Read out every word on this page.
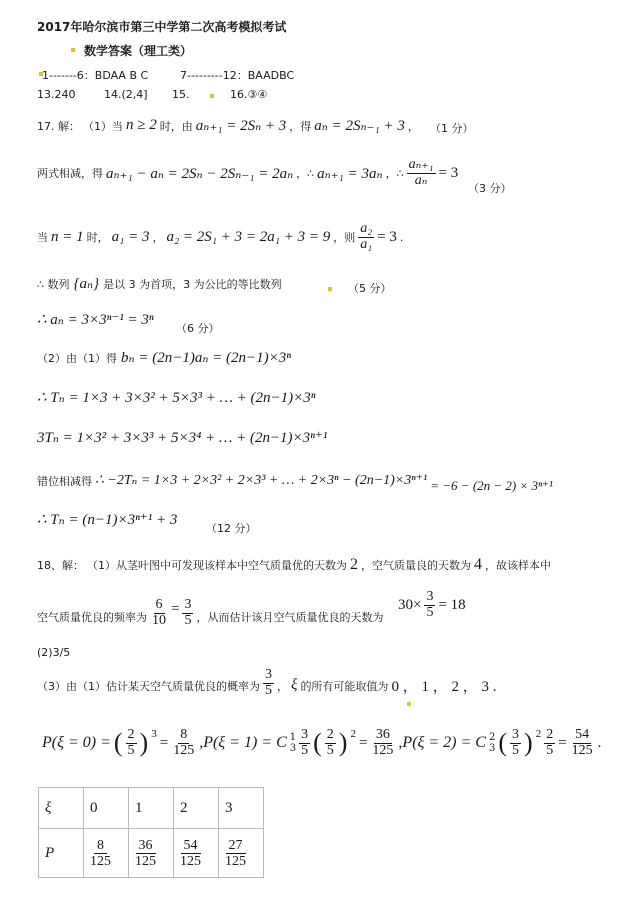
2017年哈尔滨市第三中学第二次高考模拟考试
数学答案（理工类）
1-------6：BDAA B C	7---------12：BAADBC
13.240	14.(2,4] 15.	16.③④
17. 解： （1）当 n ≥ 2 时，由 aₙ₊₁ = 2Sₙ + 3 ，得 aₙ = 2Sₙ₋₁ + 3 ， （1 分）
两式相减，得 aₙ₊₁ − aₙ = 2Sₙ − 2Sₙ₋₁ = 2aₙ ，∴ aₙ₊₁ = 3aₙ ，∴ $\frac{\text{aₙ₊₁}}{\text{aₙ}} = 3$
（3 分）
当 n = 1 时， a₁ = 3 ， a₂ = 2S₁ + 3 = 2a₁ + 3 = 9 ，则 $\frac{\text{a₂}}{\text{a₁}} = 3$ .
∴ 数列 {aₙ} 是以 3 为首项，3 为公比的等比数列	（5 分）
∴ aₙ = 3×3ⁿ⁻¹ = 3ⁿ
（6 分）
（2）由（1）得 bₙ = (2n−1)aₙ = (2n−1)×3ⁿ
∴ Tₙ = 1×3 + 3×3² + 5×3³ + … + (2n−1)×3ⁿ
3Tₙ = 1×3² + 3×3³ + 5×3⁴ + … + (2n−1)×3ⁿ⁺¹
错位相减得 ∴ −2Tₙ = 1×3 + 2×3² + 2×3³ + … + 2×3ⁿ − (2n−1)×3ⁿ⁺¹ = −6 − (2n − 2) × 3ⁿ⁺¹
∴ Tₙ = (n−1)×3ⁿ⁺¹ + 3
（12 分）
18、解： （1）从茎叶图中可发现该样本中空气质量优的天数为 2 ，空气质量良的天数为 4 ，故该样本中
空气质量优良的频率为 $\frac{6}{10} = \frac{3}{5}$ ，从而估计该月空气质量优良的天数为
$30\times \frac{3}{5} = 18$
(2)3/5
（3）由（1）估计某天空气质量优良的概率为 $\frac{3}{5}$ ， ξ 的所有可能取值为 0 ， 1 ， 2 ， 3 .
P(ξ = 0) = ( $\frac{2}{5}$ ) $^3$
= $\frac{8}{125} ,P(\xi = 1) = C$ 1
$3 \frac{3}{5}$ ( $\frac{2}{5}$ ) $^2$
= $\frac{36}{125} ,P(\xi = 2) = C$ 2
3 ( $\frac{3}{5}$ ) $^2 \frac{2}{5} = \frac{54}{125}$ .
ξ	0	1	2	3
P	$\frac{8}{125}$	$\frac{36}{125}$	$\frac{54}{125}$	$\frac{27}{125}$
